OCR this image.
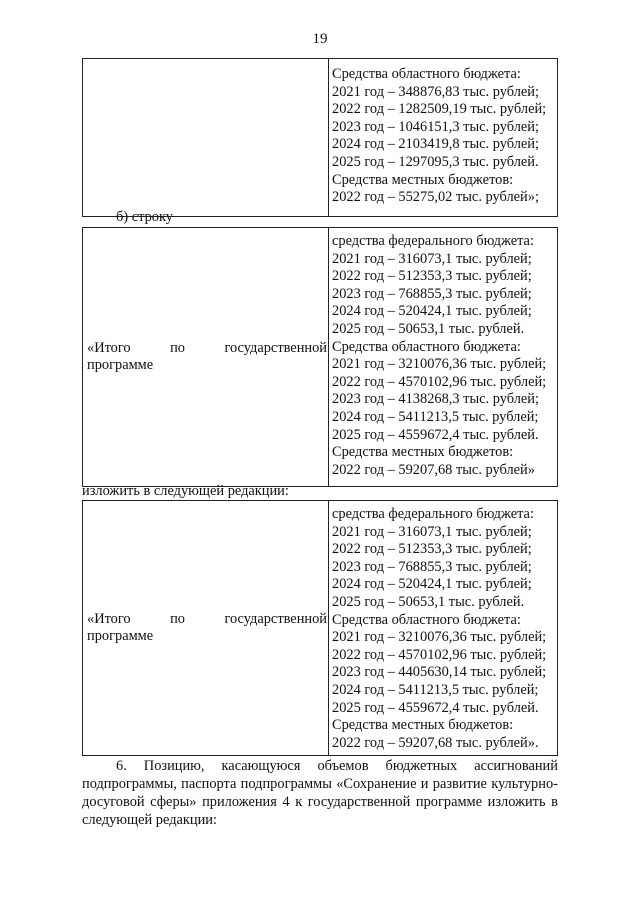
19

Средства областного бюджета:
2021 год – 348876,83 тыс. рублей;
2022 год – 1282509,19 тыс. рублей;
2023 год – 1046151,3 тыс. рублей;
2024 год – 2103419,8 тыс. рублей;
2025 год – 1297095,3 тыс. рублей.
Средства местных бюджетов:
2022 год – 55275,02 тыс. рублей»;
б) строку
«Итого	по	государственной
программе

средства федерального бюджета:
2021 год – 316073,1 тыс. рублей;
2022 год – 512353,3 тыс. рублей;
2023 год – 768855,3 тыс. рублей;
2024 год – 520424,1 тыс. рублей;
2025 год – 50653,1 тыс. рублей.
Средства областного бюджета:
2021 год – 3210076,36 тыс. рублей;
2022 год – 4570102,96 тыс. рублей;
2023 год – 4138268,3 тыс. рублей;
2024 год – 5411213,5 тыс. рублей;
2025 год – 4559672,4 тыс. рублей.
Средства местных бюджетов:
2022 год – 59207,68 тыс. рублей»
изложить в следующей редакции:
«Итого	по	государственной
программе

средства федерального бюджета:
2021 год – 316073,1 тыс. рублей;
2022 год – 512353,3 тыс. рублей;
2023 год – 768855,3 тыс. рублей;
2024 год – 520424,1 тыс. рублей;
2025 год – 50653,1 тыс. рублей.
Средства областного бюджета:
2021 год – 3210076,36 тыс. рублей;
2022 год – 4570102,96 тыс. рублей;
2023 год – 4405630,14 тыс. рублей;
2024 год – 5411213,5 тыс. рублей;
2025 год – 4559672,4 тыс. рублей.
Средства местных бюджетов:
2022 год – 59207,68 тыс. рублей».
6. Позицию, касающуюся объемов бюджетных ассигнований
подпрограммы, паспорта подпрограммы «Сохранение и развитие культурно-
досуговой сферы» приложения 4 к государственной программе изложить в
следующей редакции:
